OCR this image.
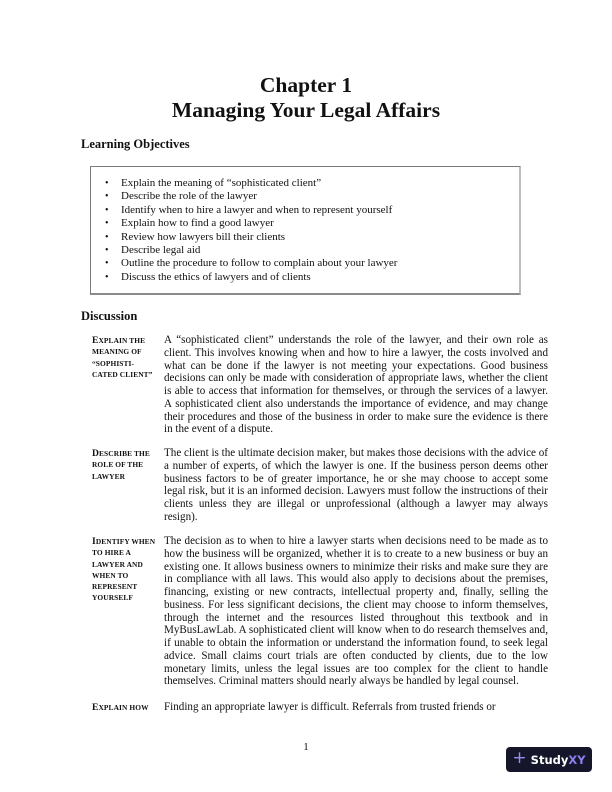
Chapter 1
Managing Your Legal Affairs
Learning Objectives
• Explain the meaning of “sophisticated client”
• Describe the role of the lawyer
• Identify when to hire a lawyer and when to represent yourself
• Explain how to find a good lawyer
• Review how lawyers bill their clients
• Describe legal aid
• Outline the procedure to follow to complain about your lawyer
• Discuss the ethics of lawyers and of clients
Discussion
EXPLAIN THE MEANING OF “SOPHISTI- CATED CLIENT”
A “sophisticated client” understands the role of the lawyer, and their own role as client. This involves knowing when and how to hire a lawyer, the costs involved and what can be done if the lawyer is not meeting your expectations. Good business decisions can only be made with consideration of appropriate laws, whether the client is able to access that information for themselves, or through the services of a lawyer. A sophisticated client also understands the importance of evidence, and may change their procedures and those of the business in order to make sure the evidence is there in the event of a dispute.
DESCRIBE THE ROLE OF THE LAWYER
The client is the ultimate decision maker, but makes those decisions with the advice of a number of experts, of which the lawyer is one. If the business person deems other business factors to be of greater importance, he or she may choose to accept some legal risk, but it is an informed decision. Lawyers must follow the instructions of their clients unless they are illegal or unprofessional (although a lawyer may always resign).
IDENTIFY WHEN TO HIRE A LAWYER AND WHEN TO REPRESENT YOURSELF
The decision as to when to hire a lawyer starts when decisions need to be made as to how the business will be organized, whether it is to create to a new business or buy an existing one. It allows business owners to minimize their risks and make sure they are in compliance with all laws. This would also apply to decisions about the premises, financing, existing or new contracts, intellectual property and, finally, selling the business. For less significant decisions, the client may choose to inform themselves, through the internet and the resources listed throughout this textbook and in MyBusLawLab. A sophisticated client will know when to do research themselves and, if unable to obtain the information or understand the information found, to seek legal advice. Small claims court trials are often conducted by clients, due to the low monetary limits, unless the legal issues are too complex for the client to handle themselves. Criminal matters should nearly always be handled by legal counsel.
EXPLAIN HOW	Finding an appropriate lawyer is difficult. Referrals from trusted friends or
1
+ StudyXY
